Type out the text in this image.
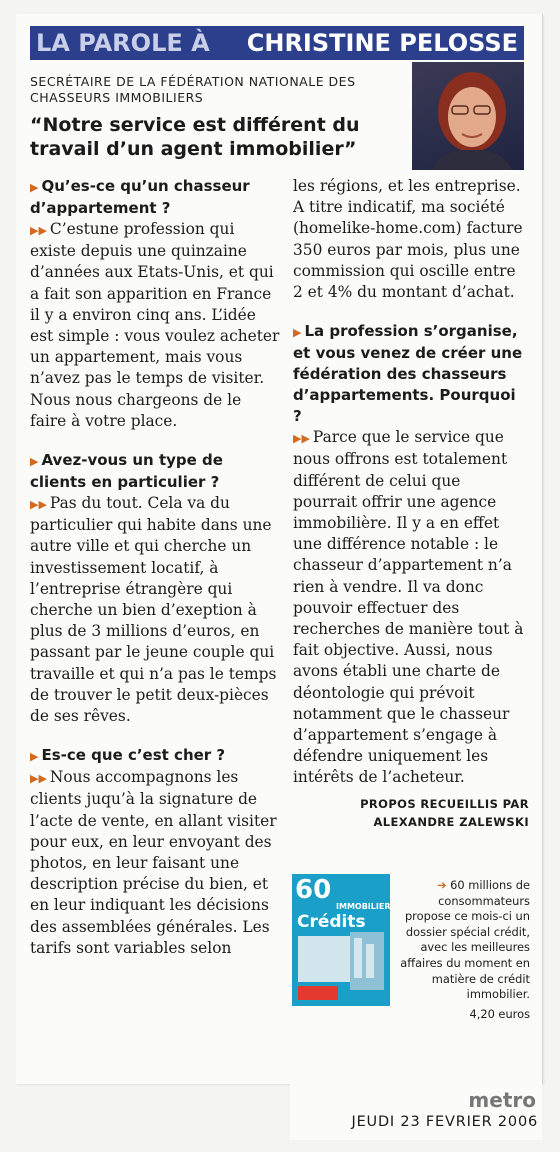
LA PAROLE À CHRISTINE PELOSSE
SECRÉTAIRE DE LA FÉDÉRATION NATIONALE DES CHASSEURS IMMOBILIERS
“Notre service est différent du travail d’un agent immobilier”

▶ Qu’es-ce qu’un chasseur d’appartement ?

▶▶ C’estune profession qui existe depuis une quinzaine d’années aux Etats-Unis, et qui a fait son apparition en France il y a environ cinq ans. L’idée est simple : vous voulez acheter un appartement, mais vous n’avez pas le temps de visiter. Nous nous chargeons de le faire à votre place.

▶ Avez-vous un type de clients en particulier ?

▶▶ Pas du tout. Cela va du particulier qui habite dans une autre ville et qui cherche un investissement locatif, à l’entreprise étrangère qui cherche un bien d’exeption à plus de 3 millions d’euros, en passant par le jeune couple qui travaille et qui n’a pas le temps de trouver le petit deux-pièces de ses rêves.

▶ Es-ce que c’est cher ?

▶▶ Nous accompagnons les clients juqu’à la signature de l’acte de vente, en allant visiter pour eux, en leur envoyant des photos, en leur faisant une description précise du bien, et en leur indiquant les décisions des assemblées générales. Les tarifs sont variables selon

les régions, et les entreprise. A titre indicatif, ma société (homelike-home.com) facture 350 euros par mois, plus une commission qui oscille entre 2 et 4% du montant d’achat.

▶ La profession s’organise, et vous venez de créer une fédération des chasseurs d’appartements. Pourquoi ?

▶▶ Parce que le service que nous offrons est totalement différent de celui que pourrait offrir une agence immobilière. Il y a en effet une différence notable : le chasseur d’appartement n’a rien à vendre. Il va donc pouvoir effectuer des recherches de manière tout à fait objective. Aussi, nous avons établi une charte de déontologie qui prévoit notamment que le chasseur d’appartement s’engage à défendre uniquement les intérêts de l’acheteur.

PROPOS RECUEILLIS PAR
ALEXANDRE ZALEWSKI
60
IMMOBILIER
Crédits
➔ 60 millions de consommateurs propose ce mois-ci un dossier spécial crédit, avec les meilleures affaires du moment en matière de crédit immobilier.
4,20 euros
metro
JEUDI 23 FEVRIER 2006
